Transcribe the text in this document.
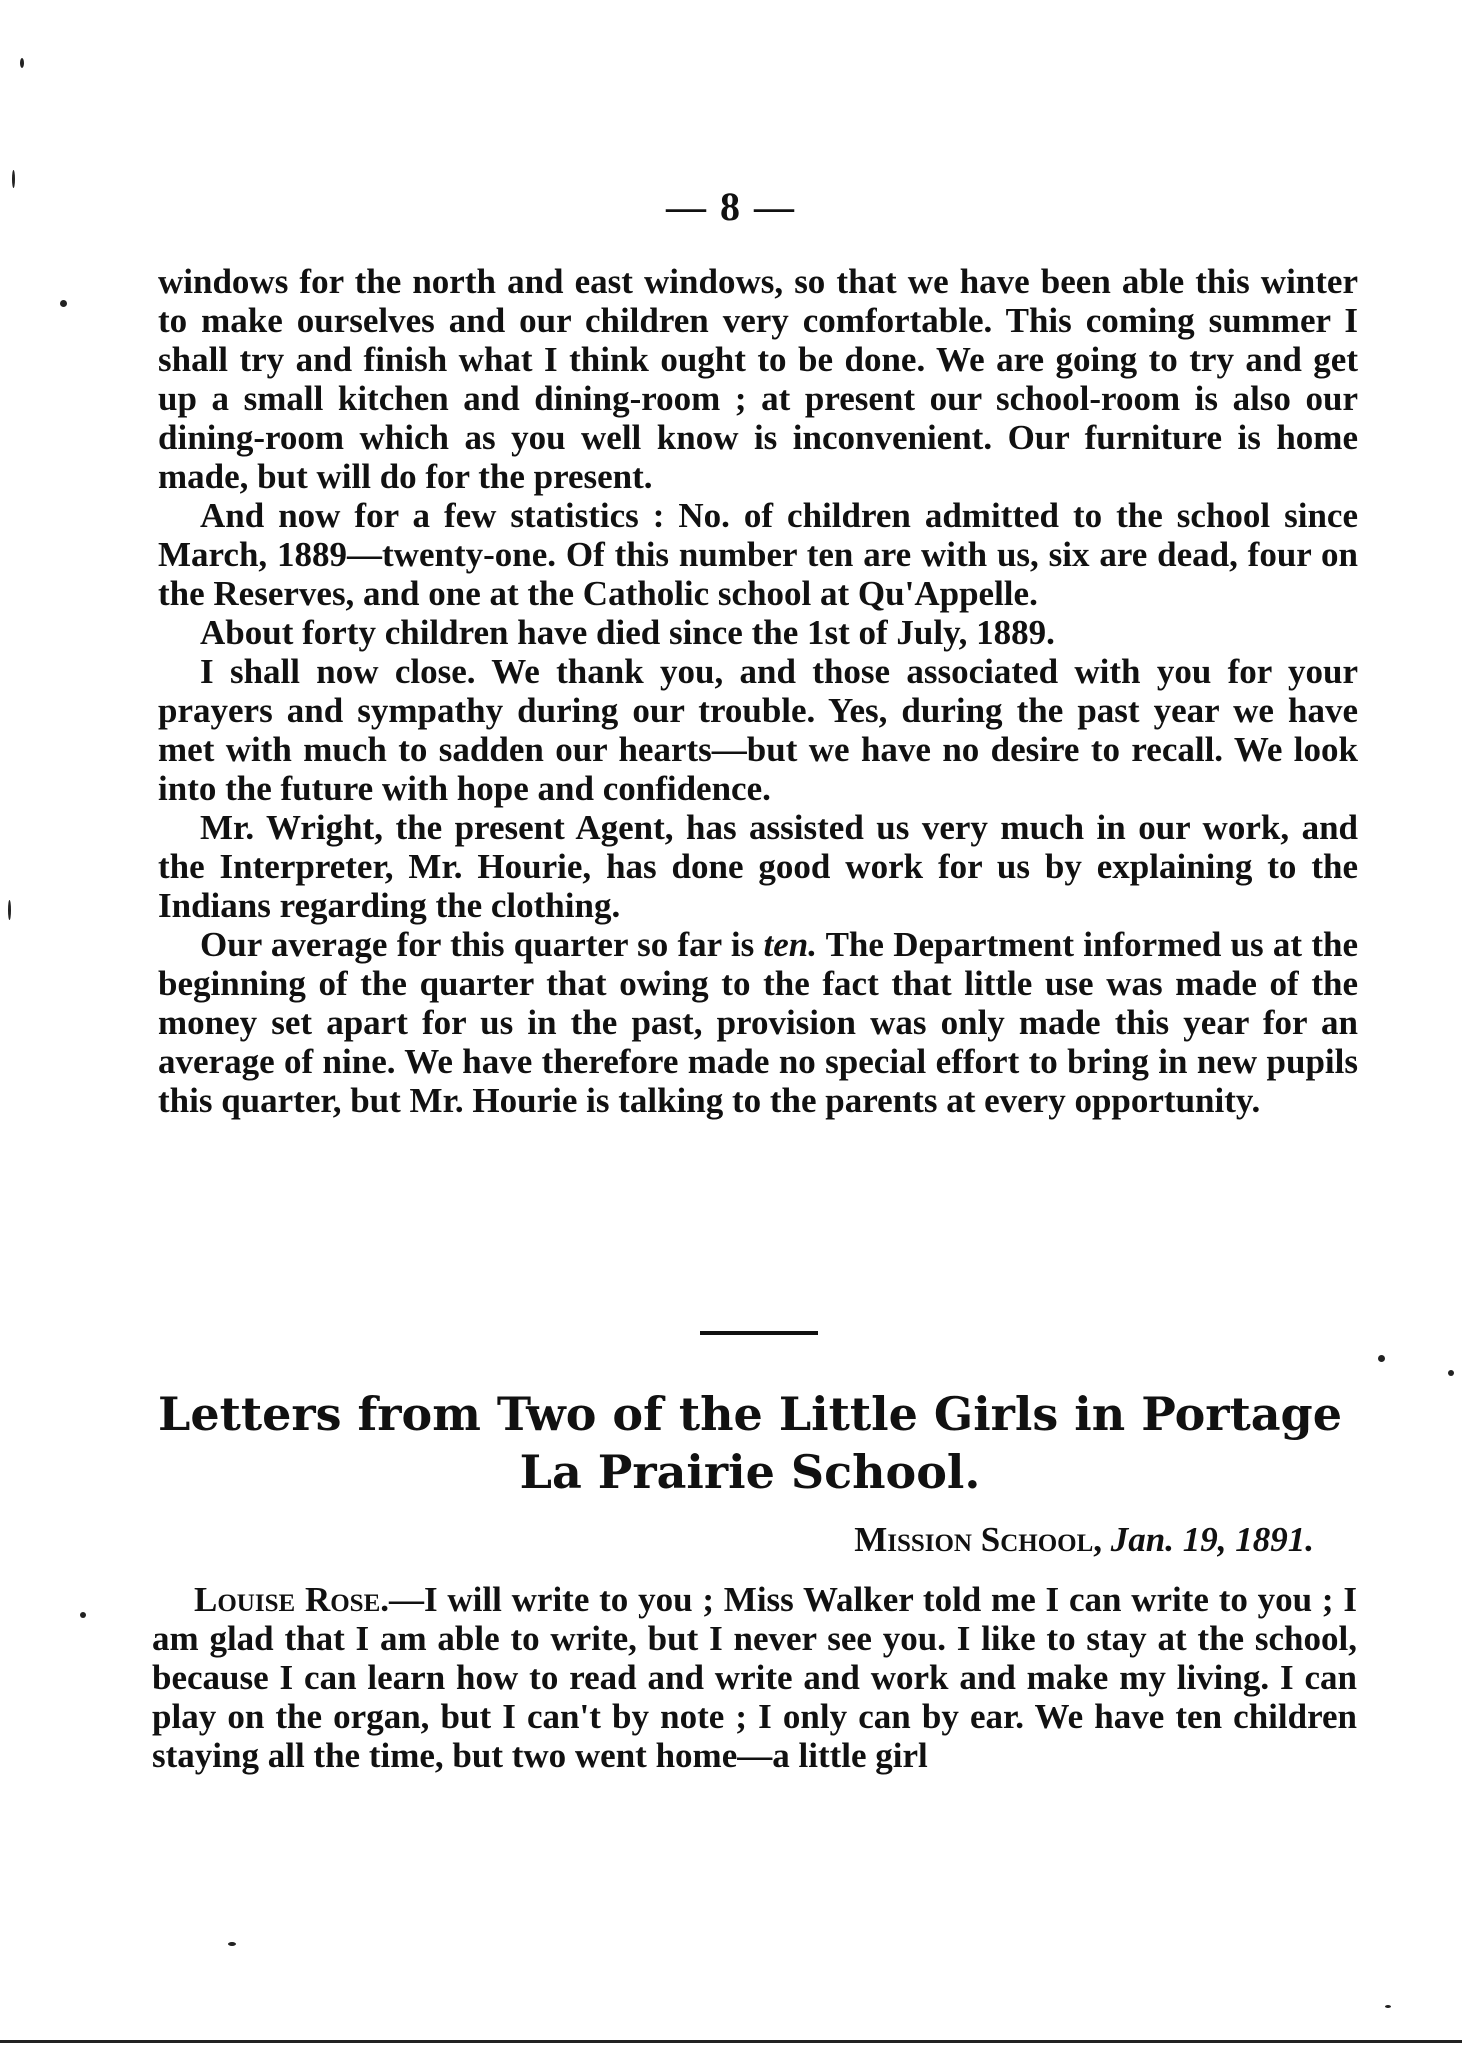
— 8 —

windows for the north and east windows, so that we have been able this winter to make ourselves and our children very comfortable. This coming summer I shall try and finish what I think ought to be done. We are going to try and get up a small kitchen and dining-room ; at present our school-room is also our dining-room which as you well know is inconvenient. Our furniture is home made, but will do for the present.

And now for a few statistics : No. of children admitted to the school since March, 1889—twenty-one. Of this number ten are with us, six are dead, four on the Reserves, and one at the Catholic school at Qu'Appelle.

About forty children have died since the 1st of July, 1889.

I shall now close. We thank you, and those associated with you for your prayers and sympathy during our trouble. Yes, during the past year we have met with much to sadden our hearts—but we have no desire to recall. We look into the future with hope and confidence.

Mr. Wright, the present Agent, has assisted us very much in our work, and the Interpreter, Mr. Hourie, has done good work for us by explaining to the Indians regarding the clothing.

Our average for this quarter so far is ten. The Department informed us at the beginning of the quarter that owing to the fact that little use was made of the money set apart for us in the past, provision was only made this year for an average of nine. We have therefore made no special effort to bring in new pupils this quarter, but Mr. Hourie is talking to the parents at every opportunity.

Letters from Two of the Little Girls in Portage La Prairie School.
Mission School, Jan. 19, 1891.

Louise Rose.—I will write to you ; Miss Walker told me I can write to you ; I am glad that I am able to write, but I never see you. I like to stay at the school, because I can learn how to read and write and work and make my living. I can play on the organ, but I can't by note ; I only can by ear. We have ten children staying all the time, but two went home—a little girl
